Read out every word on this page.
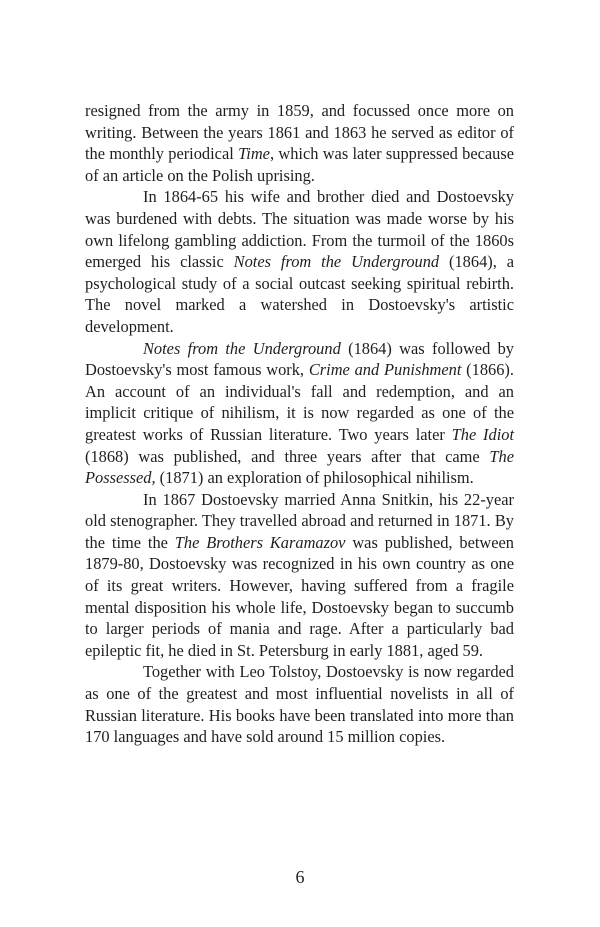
resigned from the army in 1859, and focussed once more on writing. Between the years 1861 and 1863 he served as editor of the monthly periodical Time, which was later suppressed because of an article on the Polish uprising.

In 1864-65 his wife and brother died and Dostoevsky was burdened with debts. The situation was made worse by his own lifelong gambling addiction. From the turmoil of the 1860s emerged his classic Notes from the Underground (1864), a psychological study of a social outcast seeking spiritual rebirth. The novel marked a watershed in Dostoevsky's artistic development.

Notes from the Underground (1864) was followed by Dostoevsky's most famous work, Crime and Punishment (1866). An account of an individual's fall and redemption, and an implicit critique of nihilism, it is now regarded as one of the greatest works of Russian literature. Two years later The Idiot (1868) was published, and three years after that came The Possessed, (1871) an exploration of philosophical nihilism.

In 1867 Dostoevsky married Anna Snitkin, his 22-year old stenographer. They travelled abroad and returned in 1871. By the time the The Brothers Karamazov was published, between 1879-80, Dostoevsky was recognized in his own country as one of its great writers. However, having suffered from a fragile mental disposition his whole life, Dostoevsky began to succumb to larger periods of mania and rage. After a particularly bad epileptic fit, he died in St. Petersburg in early 1881, aged 59.

Together with Leo Tolstoy, Dostoevsky is now regarded as one of the greatest and most influential novelists in all of Russian literature. His books have been translated into more than 170 languages and have sold around 15 million copies.

6
